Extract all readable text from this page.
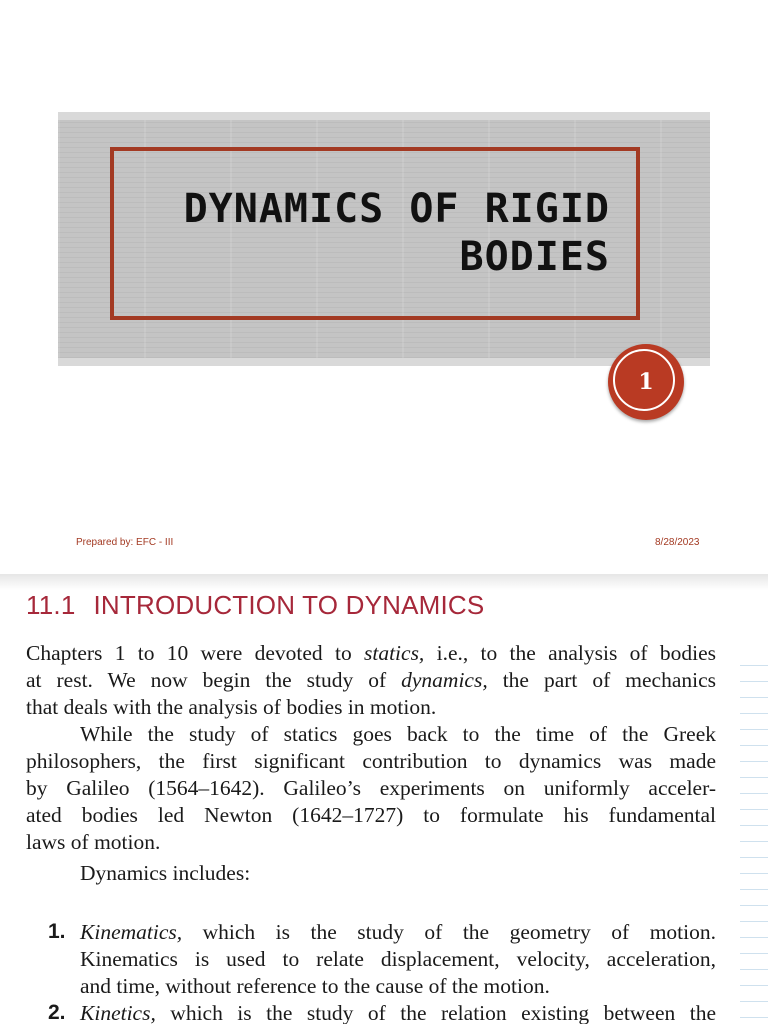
DYNAMICS OF RIGID
BODIES
1
Prepared by: EFC - III	8/28/2023
11.1 INTRODUCTION TO DYNAMICS
Chapters 1 to 10 were devoted to statics, i.e., to the analysis of bodies
at rest. We now begin the study of dynamics, the part of mechanics
that deals with the analysis of bodies in motion.
While the study of statics goes back to the time of the Greek
philosophers, the first significant contribution to dynamics was made
by Galileo (1564–1642). Galileo’s experiments on uniformly acceler-
ated bodies led Newton (1642–1727) to formulate his fundamental
laws of motion.
Dynamics includes:
1. Kinematics, which is the study of the geometry of motion.
Kinematics is used to relate displacement, velocity, acceleration,
and time, without reference to the cause of the motion.
2. Kinetics, which is the study of the relation existing between the
